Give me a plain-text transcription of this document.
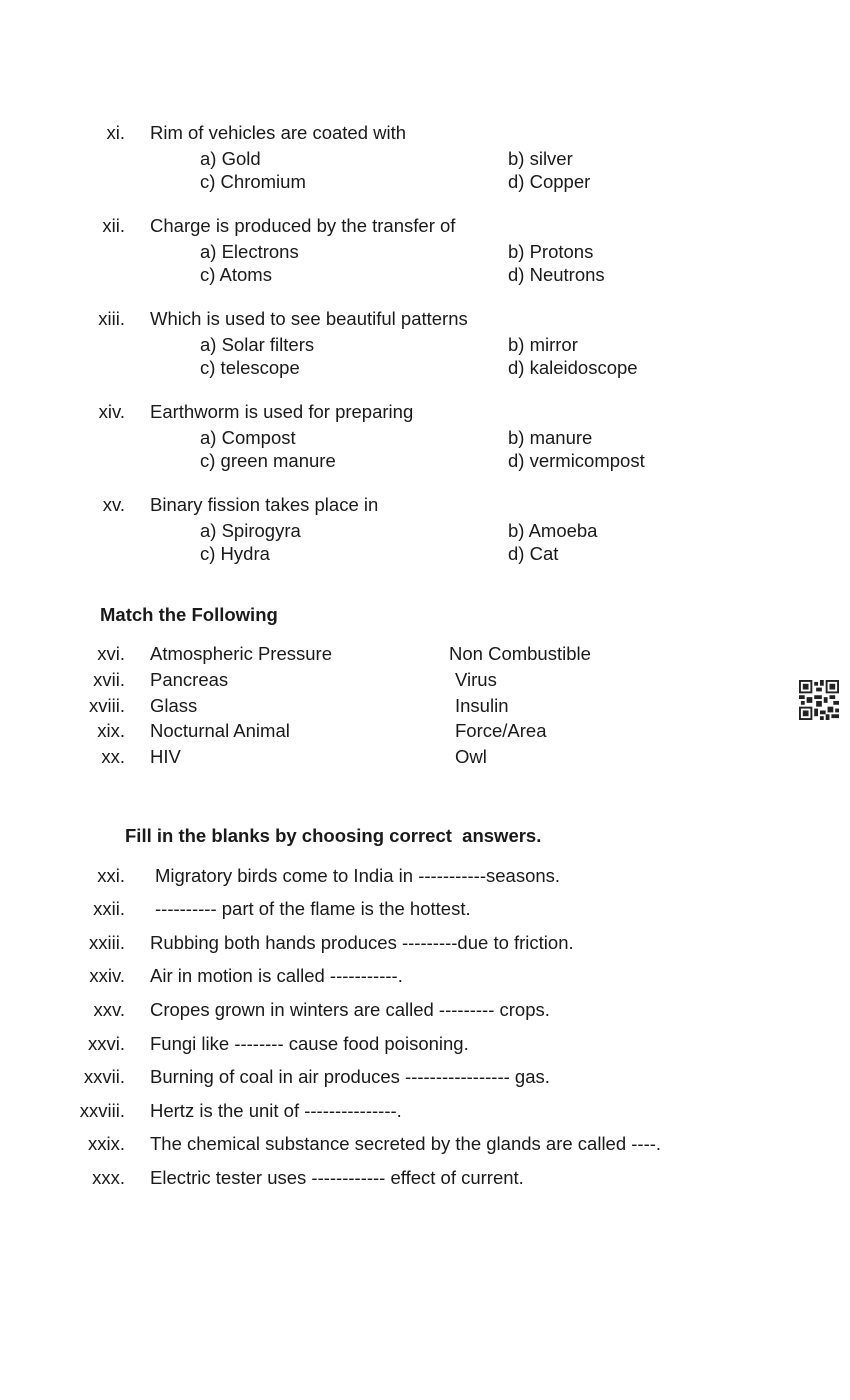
xi. Rim of vehicles are coated with
a) Gold	b) silver
c) Chromium	d) Copper
xii. Charge is produced by the transfer of
a) Electrons	b) Protons
c) Atoms	d) Neutrons
xiii. Which is used to see beautiful patterns
a) Solar filters	b) mirror
c) telescope	d) kaleidoscope
xiv. Earthworm is used for preparing
a) Compost	b) manure
c) green manure	d) vermicompost
xv. Binary fission takes place in
a) Spirogyra	b) Amoeba
c) Hydra	d) Cat
Match the Following
xvi. Atmospheric Pressure	Non Combustible
xvii. Pancreas	Virus
xviii. Glass	Insulin
xix. Nocturnal Animal	Force/Area
xx. HIV	Owl
Fill in the blanks by choosing correct  answers.
xxi. Migratory birds come to India in -----------seasons.
xxii. ---------- part of the flame is the hottest.
xxiii. Rubbing both hands produces ---------due to friction.
xxiv. Air in motion is called -----------.
xxv. Cropes grown in winters are called --------- crops.
xxvi. Fungi like -------- cause food poisoning.
xxvii. Burning of coal in air produces ----------------- gas.
xxviii. Hertz is the unit of ---------------.
xxix. The chemical substance secreted by the glands are called ----.
xxx. Electric tester uses ------------ effect of current.
